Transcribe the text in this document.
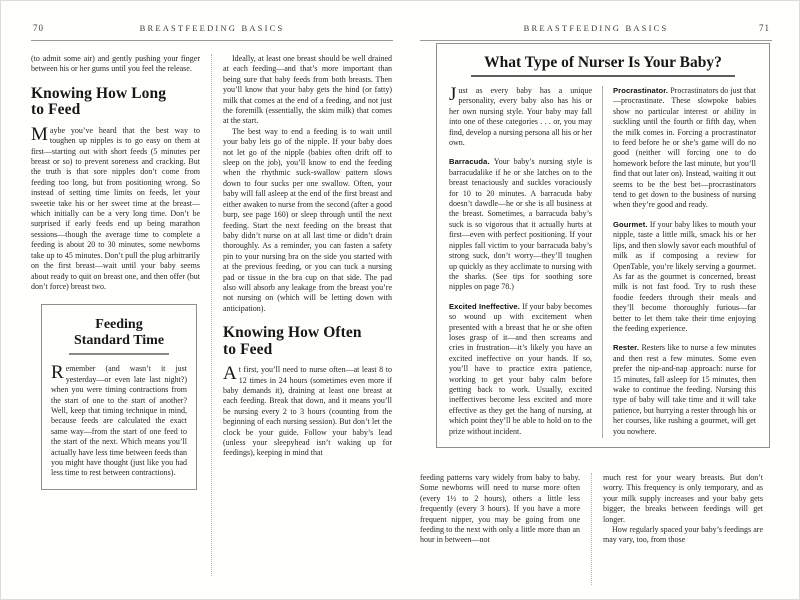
70	BREASTFEEDING BASICS

(to admit some air) and gently pushing your finger between his or her gums until you feel the release.

Knowing How Long to Feed

Maybe you’ve heard that the best way to toughen up nipples is to go easy on them at first—starting out with short feeds (5 minutes per breast or so) to prevent soreness and cracking. But the truth is that sore nipples don’t come from feeding too long, but from positioning wrong. So instead of setting time limits on feeds, let your sweetie take his or her sweet time at the breast—which initially can be a very long time. Don’t be surprised if early feeds end up being marathon sessions—though the average time to complete a feeding is about 20 to 30 minutes, some newborns take up to 45 minutes. Don’t pull the plug arbitrarily on the first breast—wait until your baby seems about ready to quit on breast one, and then offer (but don’t force) breast two.

Feeding Standard Time

Remember (and wasn’t it just yesterday—or even late last night?) when you were timing contractions from the start of one to the start of another? Well, keep that timing technique in mind, because feeds are calculated the exact same way—from the start of one feed to the start of the next. Which means you’ll actually have less time between feeds than you might have thought (just like you had less time to rest between contractions).

Ideally, at least one breast should be well drained at each feeding—and that’s more important than being sure that baby feeds from both breasts. Then you’ll know that your baby gets the hind (or fatty) milk that comes at the end of a feeding, and not just the foremilk (essentially, the skim milk) that comes at the start.

The best way to end a feeding is to wait until your baby lets go of the nipple. If your baby does not let go of the nipple (babies often drift off to sleep on the job), you’ll know to end the feeding when the rhythmic suck-swallow pattern slows down to four sucks per one swallow. Often, your baby will fall asleep at the end of the first breast and either awaken to nurse from the second (after a good burp, see page 160) or sleep through until the next feeding. Start the next feeding on the breast that baby didn’t nurse on at all last time or didn’t drain thoroughly. As a reminder, you can fasten a safety pin to your nursing bra on the side you started with at the previous feeding, or you can tuck a nursing pad or tissue in the bra cup on that side. The pad also will absorb any leakage from the breast you’re not nursing on (which will be letting down with anticipation).

Knowing How Often to Feed

At first, you’ll need to nurse often—at least 8 to 12 times in 24 hours (sometimes even more if baby demands it), draining at least one breast at each feeding. Break that down, and it means you’ll be nursing every 2 to 3 hours (counting from the beginning of each nursing session). But don’t let the clock be your guide. Follow your baby’s lead (unless your sleepyhead isn’t waking up for feedings), keeping in mind that

BREASTFEEDING BASICS	71
What Type of Nurser Is Your Baby?

Just as every baby has a unique personality, every baby also has his or her own nursing style. Your baby may fall into one of these categories . . . or, you may find, develop a nursing persona all his or her own.

Barracuda. Your baby’s nursing style is barracudalike if he or she latches on to the breast tenaciously and suckles voraciously for 10 to 20 minutes. A barracuda baby doesn’t dawdle—he or she is all business at the breast. Sometimes, a barracuda baby’s suck is so vigorous that it actually hurts at first—even with perfect positioning. If your nipples fall victim to your barracuda baby’s strong suck, don’t worry—they’ll toughen up quickly as they acclimate to nursing with the sharks. (See tips for soothing sore nipples on page 78.)

Excited Ineffective. If your baby becomes so wound up with excitement when presented with a breast that he or she often loses grasp of it—and then screams and cries in frustration—it’s likely you have an excited ineffective on your hands. If so, you’ll have to practice extra patience, working to get your baby calm before getting back to work. Usually, excited ineffectives become less excited and more effective as they get the hang of nursing, at which point they’ll be able to hold on to the prize without incident.

Procrastinator. Procrastinators do just that—procrastinate. These slowpoke babies show no particular interest or ability in suckling until the fourth or fifth day, when the milk comes in. Forcing a procrastinator to feed before he or she’s game will do no good (neither will forcing one to do homework before the last minute, but you’ll find that out later on). Instead, waiting it out seems to be the best bet—procrastinators tend to get down to the business of nursing when they’re good and ready.

Gourmet. If your baby likes to mouth your nipple, taste a little milk, smack his or her lips, and then slowly savor each mouthful of milk as if composing a review for OpenTable, you’re likely serving a gourmet. As far as the gourmet is concerned, breast milk is not fast food. Try to rush these foodie feeders through their meals and they’ll become thoroughly furious—far better to let them take their time enjoying the feeding experience.

Rester. Resters like to nurse a few minutes and then rest a few minutes. Some even prefer the nip-and-nap approach: nurse for 15 minutes, fall asleep for 15 minutes, then wake to continue the feeding. Nursing this type of baby will take time and it will take patience, but hurrying a rester through his or her courses, like rushing a gourmet, will get you nowhere.

feeding patterns vary widely from baby to baby. Some newborns will need to nurse more often (every 1½ to 2 hours), others a little less frequently (every 3 hours). If you have a more frequent nipper, you may be going from one feeding to the next with only a little more than an hour in between—not

much rest for your weary breasts. But don’t worry. This frequency is only temporary, and as your milk supply increases and your baby gets bigger, the breaks between feedings will get longer.

How regularly spaced your baby’s feedings are may vary, too, from those
